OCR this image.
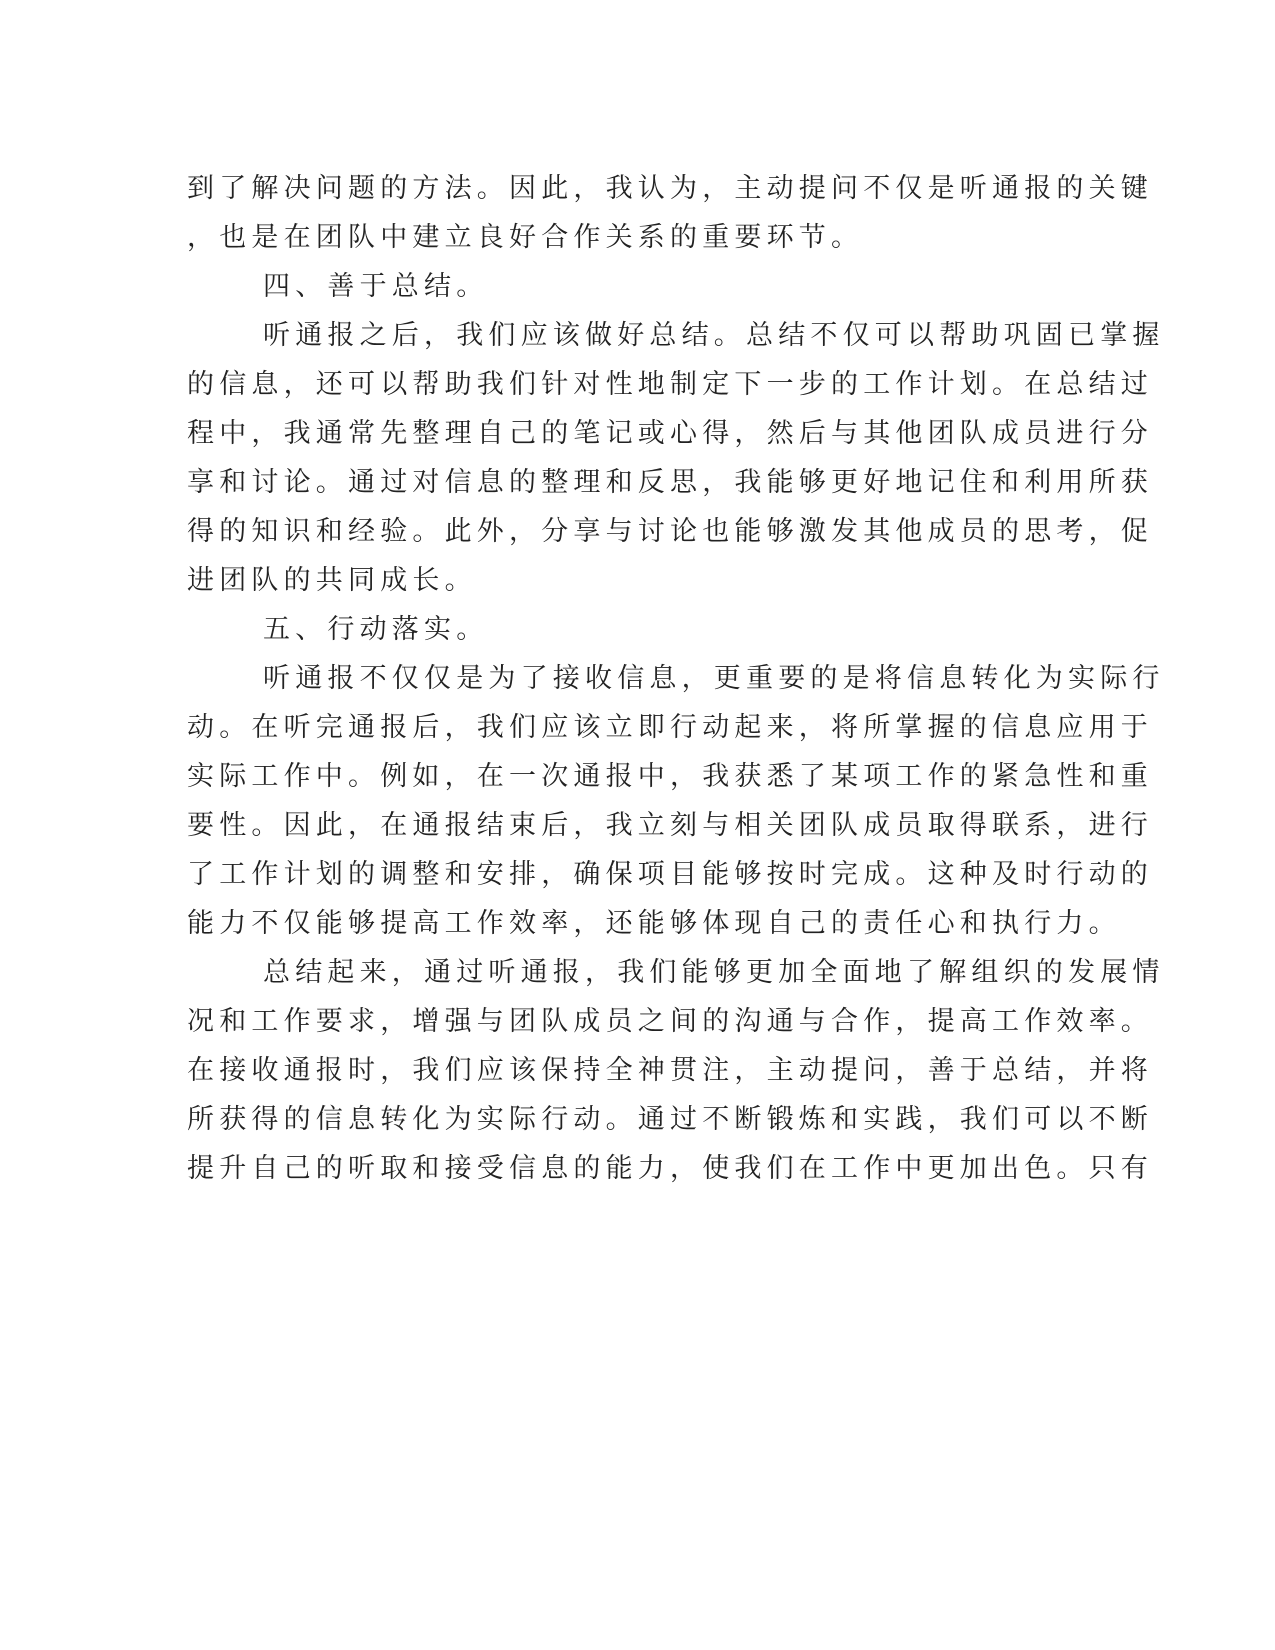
到了解决问题的方法。因此，我认为，主动提问不仅是听通报的关键

，也是在团队中建立良好合作关系的重要环节。

四、善于总结。

听通报之后，我们应该做好总结。总结不仅可以帮助巩固已掌握

的信息，还可以帮助我们针对性地制定下一步的工作计划。在总结过

程中，我通常先整理自己的笔记或心得，然后与其他团队成员进行分

享和讨论。通过对信息的整理和反思，我能够更好地记住和利用所获

得的知识和经验。此外，分享与讨论也能够激发其他成员的思考，促

进团队的共同成长。

五、行动落实。

听通报不仅仅是为了接收信息，更重要的是将信息转化为实际行

动。在听完通报后，我们应该立即行动起来，将所掌握的信息应用于

实际工作中。例如，在一次通报中，我获悉了某项工作的紧急性和重

要性。因此，在通报结束后，我立刻与相关团队成员取得联系，进行

了工作计划的调整和安排，确保项目能够按时完成。这种及时行动的

能力不仅能够提高工作效率，还能够体现自己的责任心和执行力。

总结起来，通过听通报，我们能够更加全面地了解组织的发展情

况和工作要求，增强与团队成员之间的沟通与合作，提高工作效率。

在接收通报时，我们应该保持全神贯注，主动提问，善于总结，并将

所获得的信息转化为实际行动。通过不断锻炼和实践，我们可以不断

提升自己的听取和接受信息的能力，使我们在工作中更加出色。只有
